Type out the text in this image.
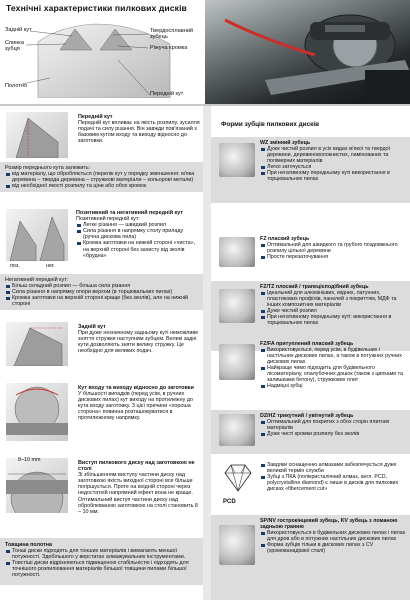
Технічні характеристики пилкових дисків
Задній кут
Спинка зубця
Твердосплавний зубець
Ріжуча кромка
Полотно
Передній кут
Передній кут
Передній кут впливає на якість розпилу, зусилля подачі та силу різання. Він завжди пов'язаний з базовим кутом входу та виходу відносно до заготовки.
Розмір переднього кута залежить:
від матеріалу, що обробляється (перелік кут у порядку зменшення: м'яка деревина – тверда деревина – стружкові матеріали – кольорові метали)
від необхідної якості розпилу та ціни або обох кромок
поз.	нег.
Позитивний та негативний передній кут
Позитивний передній кут:
Легке різання — швидкий розпил
Сила різання в напрямку столу приладу (ручна дискова пила)
Кромка заготовки на нижній стороні «чиста», на верхній стороні без захисту від зколів «брудна»
Негативний передній кут:
Більш складний розпил — більша сила різання
Сила різання в напрямку опори верхом (в торцювальних пилах)
Кромка заготовки на верхній стороні краще (без зколів), але на нижній стороні
Задній кут
При дуже незначному задньому куті неможливе зняття стружки наступним зубцем. Великі задні кути дозволяють зняти велику стружку. Це необхідно для великих подач.
Кут входу та виходу відносно до заготовки
У більшості випадків (перед усім, в ручних дискових пилах) кут виходу на протилежну до кута входу заготовку. З цієї причини «хороша сторона» повинна розташовуватися в протилежному напрямку.
8–10 mm	Виступ пилкового диску над заготовкою не столі
Зі збільшенням виступу частини диску над заготовкою якість вихідної стороні все більше погіршується. Проте на вхідній стороні через недостатній напрямний ефект вона не краще. Оптимальний виступ частини диску над оброблюваною заготовкою на столі становить 8 – 10 мм.
Товщина полотна
Тонші диски підходять для тонших матеріалів і вимагають меншої потужності. Здебільшого у верстатах алмажувальних інструментами.
Товстіші диски відрізняються підвищеною стабільністю і підходять для точнішого розпилювання матеріалів більшої товщини пилами більшої потужності.
Форми зубців пилкових дисків
WZ змінний зубець
Дуже чистий розпил в усіх видах м'якої та твердої деревини, деревиноволокнистих, ламінованих та полімерних матеріалів
Легко заточується
При негативному передньому куті використання в торцювальних пилах
FZ плаский зубець
Оптимальний для швидкого та грубого поздовжнього розпилу цільної деревини
Просте перезаточування
FZ/TZ плоский / трапецієподібний зубець
Ідеальний для алюмінієвих, мідних, латунних, пластикових профілів, панелей з покриттям, МДФ та інших композитних матеріалів
Дуже чистий розпил
При негативному передньому куті: використання в торцювальних пилах
FZ/FA притуплений плаский зубець
Використовується, перед усім, в будівельних і настільних дискових пилах, а також в потужних ручних дискових пилах
Найкраще чимо підходить для будівельного лісоматеріалу, опалубочних дошок (також з цвяхами та залишками бетону), стружкових плит
Надміцні зубці
DZ/HZ трикутний / увігнутий зубець
Оптимальний для покритих з обох сторін плитних матеріалів
Дуже чисті кромки розпилу без зколів
PCD
Завдяки оснащенню алмазами забезпечується дуже великий термін служби
Зубці з ПКА (полікристалічний алмаз, англ. PCD, polycrystalline diamond) є лише в дисків для пилкових дисках «fibercement cut»
SP/NV гострокінцевий зубець, KV зубець з ломаною задньою гранню
Використовується в будівельних дискових пилах і пилах для дров або в потужних настільних дискових пилах
Форма зубців тільки в дискових пилах з CV (хромованадієвої сталі)
